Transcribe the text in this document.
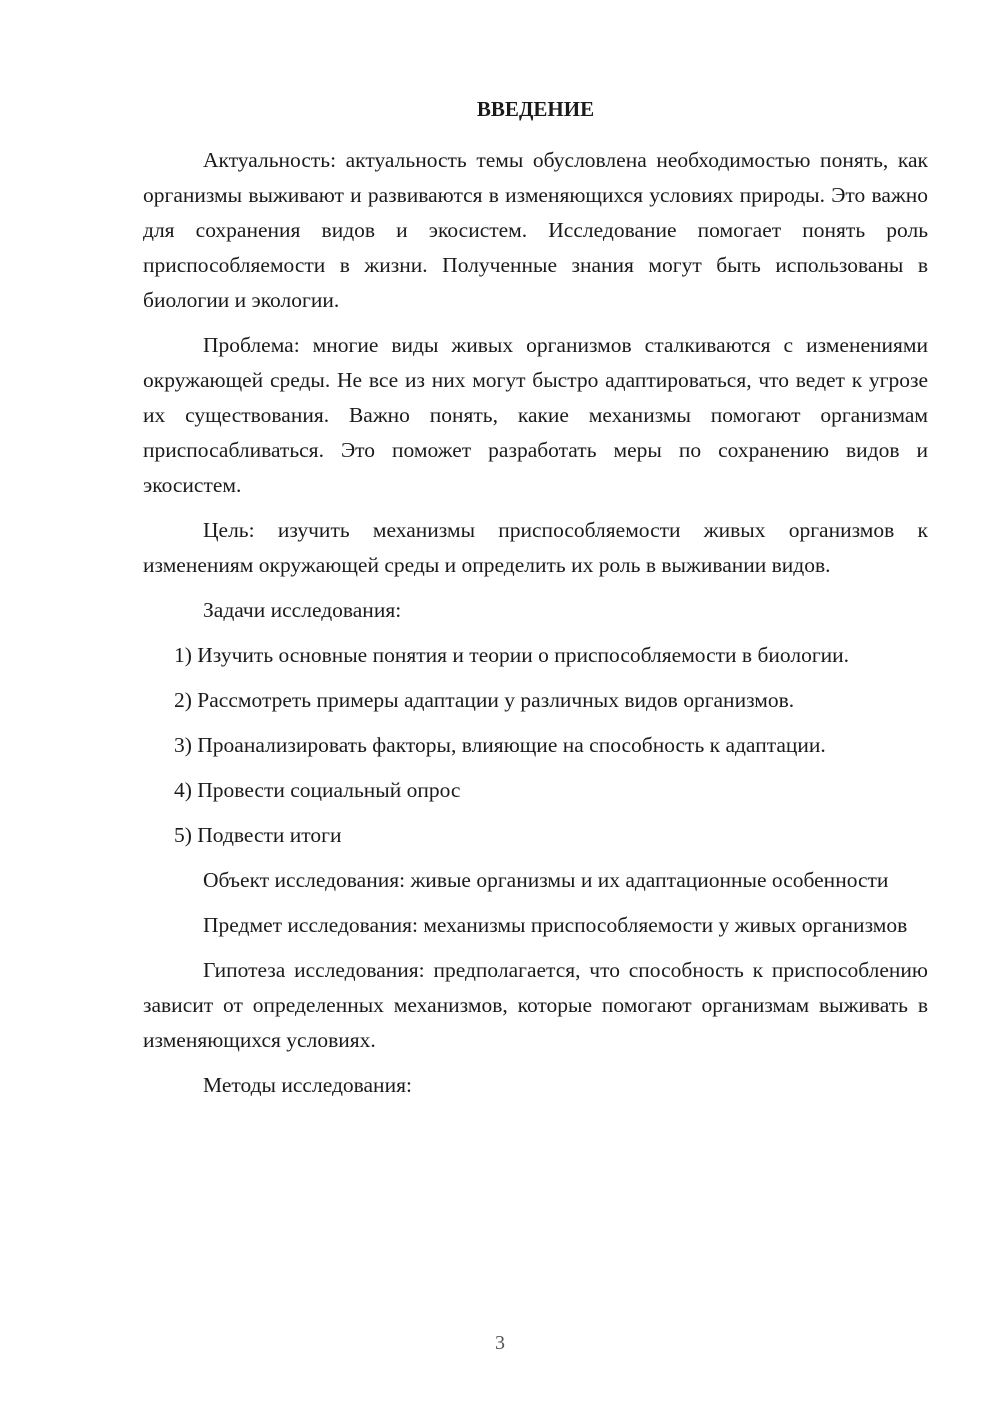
ВВЕДЕНИЕ

Актуальность: актуальность темы обусловлена необходимостью понять, как организмы выживают и развиваются в изменяющихся условиях природы. Это важно для сохранения видов и экосистем. Исследование помогает понять роль приспособляемости в жизни. Полученные знания могут быть использованы в биологии и экологии.

Проблема: многие виды живых организмов сталкиваются с изменениями окружающей среды. Не все из них могут быстро адаптироваться, что ведет к угрозе их существования. Важно понять, какие механизмы помогают организмам приспосабливаться. Это поможет разработать меры по сохранению видов и экосистем.

Цель: изучить механизмы приспособляемости живых организмов к изменениям окружающей среды и определить их роль в выживании видов.

Задачи исследования:

1) Изучить основные понятия и теории о приспособляемости в биологии.

2) Рассмотреть примеры адаптации у различных видов организмов.

3) Проанализировать факторы, влияющие на способность к адаптации.

4) Провести социальный опрос

5) Подвести итоги

Объект исследования: живые организмы и их адаптационные особенности

Предмет исследования: механизмы приспособляемости у живых организмов

Гипотеза исследования: предполагается, что способность к приспособлению зависит от определенных механизмов, которые помогают организмам выживать в изменяющихся условиях.

Методы исследования:

3
